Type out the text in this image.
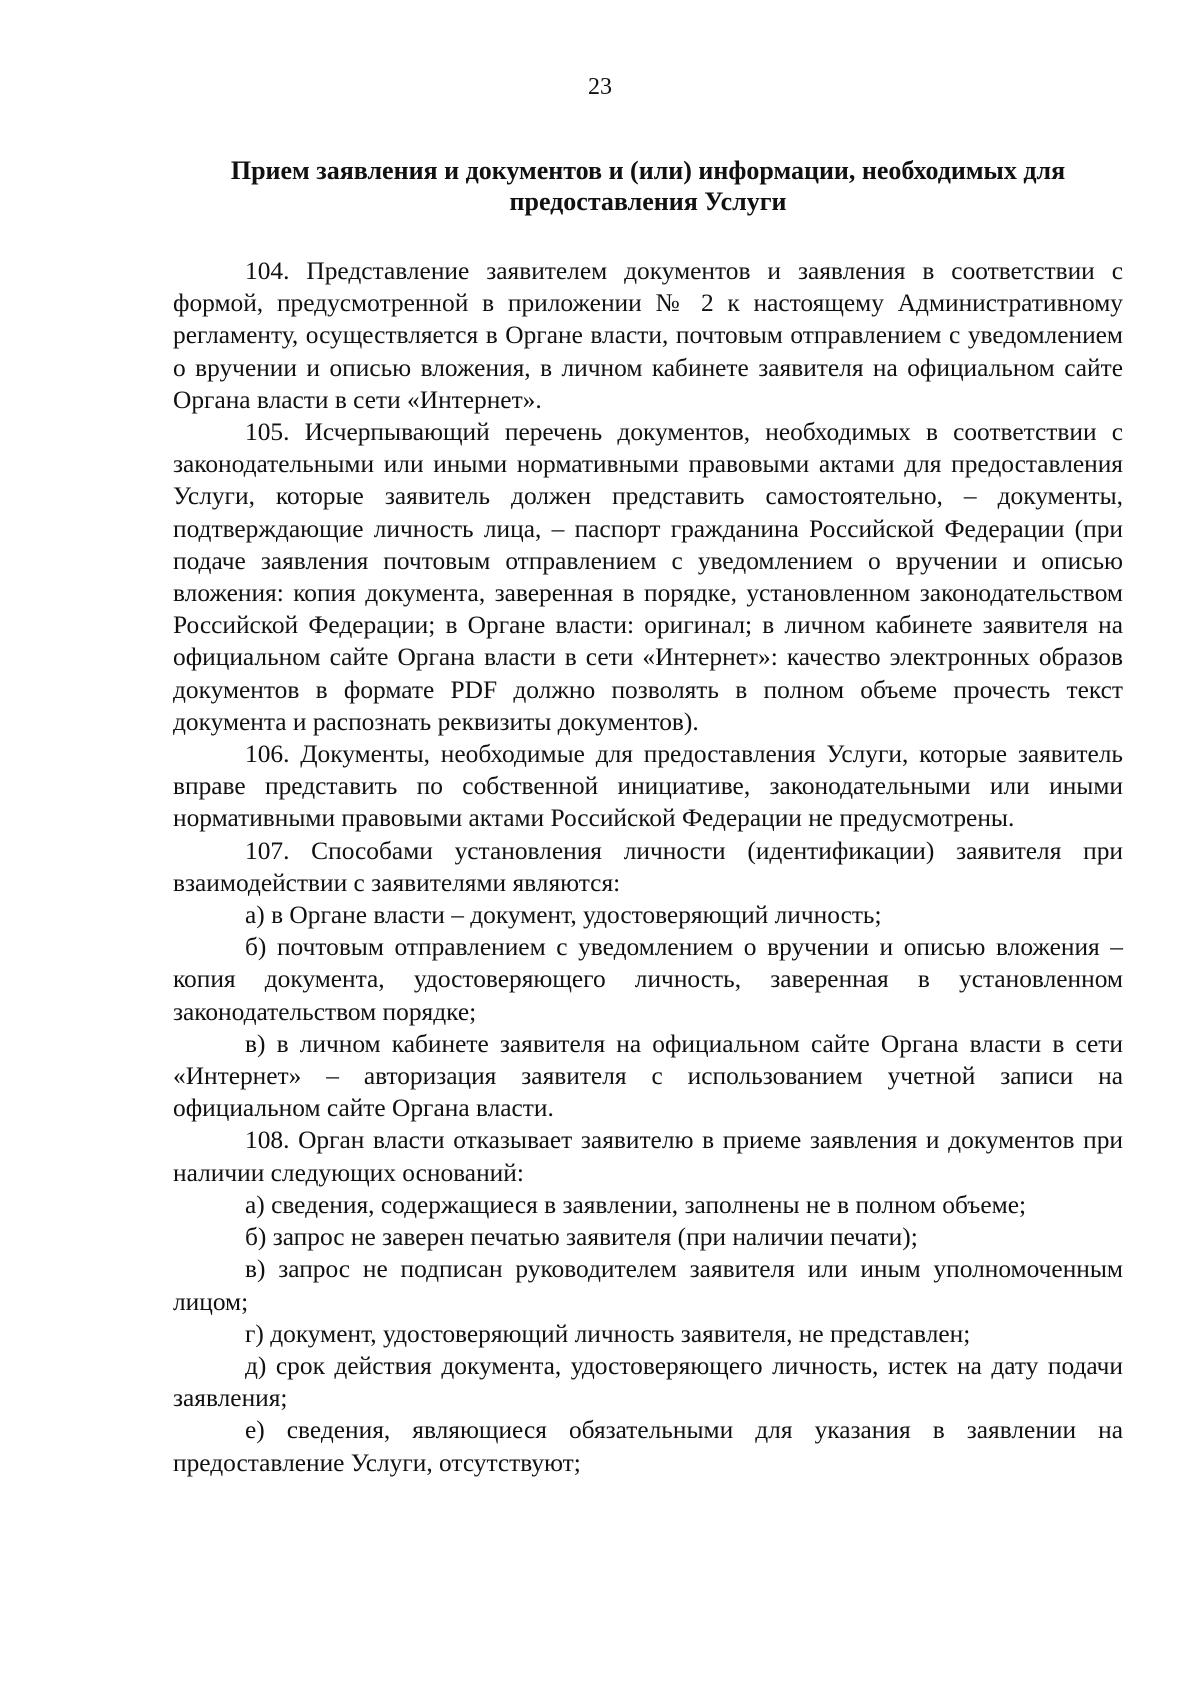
23
Прием заявления и документов и (или) информации, необходимых для предоставления Услуги

104. Представление заявителем документов и заявления в соответствии с формой, предусмотренной в приложении № 2 к настоящему Административному регламенту, осуществляется в Органе власти, почтовым отправлением с уведомлением о вручении и описью вложения, в личном кабинете заявителя на официальном сайте Органа власти в сети «Интернет».

105. Исчерпывающий перечень документов, необходимых в соответствии с законодательными или иными нормативными правовыми актами для предоставления Услуги, которые заявитель должен представить самостоятельно, – документы, подтверждающие личность лица, – паспорт гражданина Российской Федерации (при подаче заявления почтовым отправлением с уведомлением о вручении и описью вложения: копия документа, заверенная в порядке, установленном законодательством Российской Федерации; в Органе власти: оригинал; в личном кабинете заявителя на официальном сайте Органа власти в сети «Интернет»: качество электронных образов документов в формате PDF должно позволять в полном объеме прочесть текст документа и распознать реквизиты документов).

106. Документы, необходимые для предоставления Услуги, которые заявитель вправе представить по собственной инициативе, законодательными или иными нормативными правовыми актами Российской Федерации не предусмотрены.

107. Способами установления личности (идентификации) заявителя при взаимодействии с заявителями являются:

а) в Органе власти – документ, удостоверяющий личность;

б) почтовым отправлением с уведомлением о вручении и описью вложения – копия документа, удостоверяющего личность, заверенная в установленном законодательством порядке;

в) в личном кабинете заявителя на официальном сайте Органа власти в сети «Интернет» – авторизация заявителя с использованием учетной записи на официальном сайте Органа власти.

108. Орган власти отказывает заявителю в приеме заявления и документов при наличии следующих оснований:

а) сведения, содержащиеся в заявлении, заполнены не в полном объеме;

б) запрос не заверен печатью заявителя (при наличии печати);

в) запрос не подписан руководителем заявителя или иным уполномоченным лицом;

г) документ, удостоверяющий личность заявителя, не представлен;

д) срок действия документа, удостоверяющего личность, истек на дату подачи заявления;

е) сведения, являющиеся обязательными для указания в заявлении на предоставление Услуги, отсутствуют;
